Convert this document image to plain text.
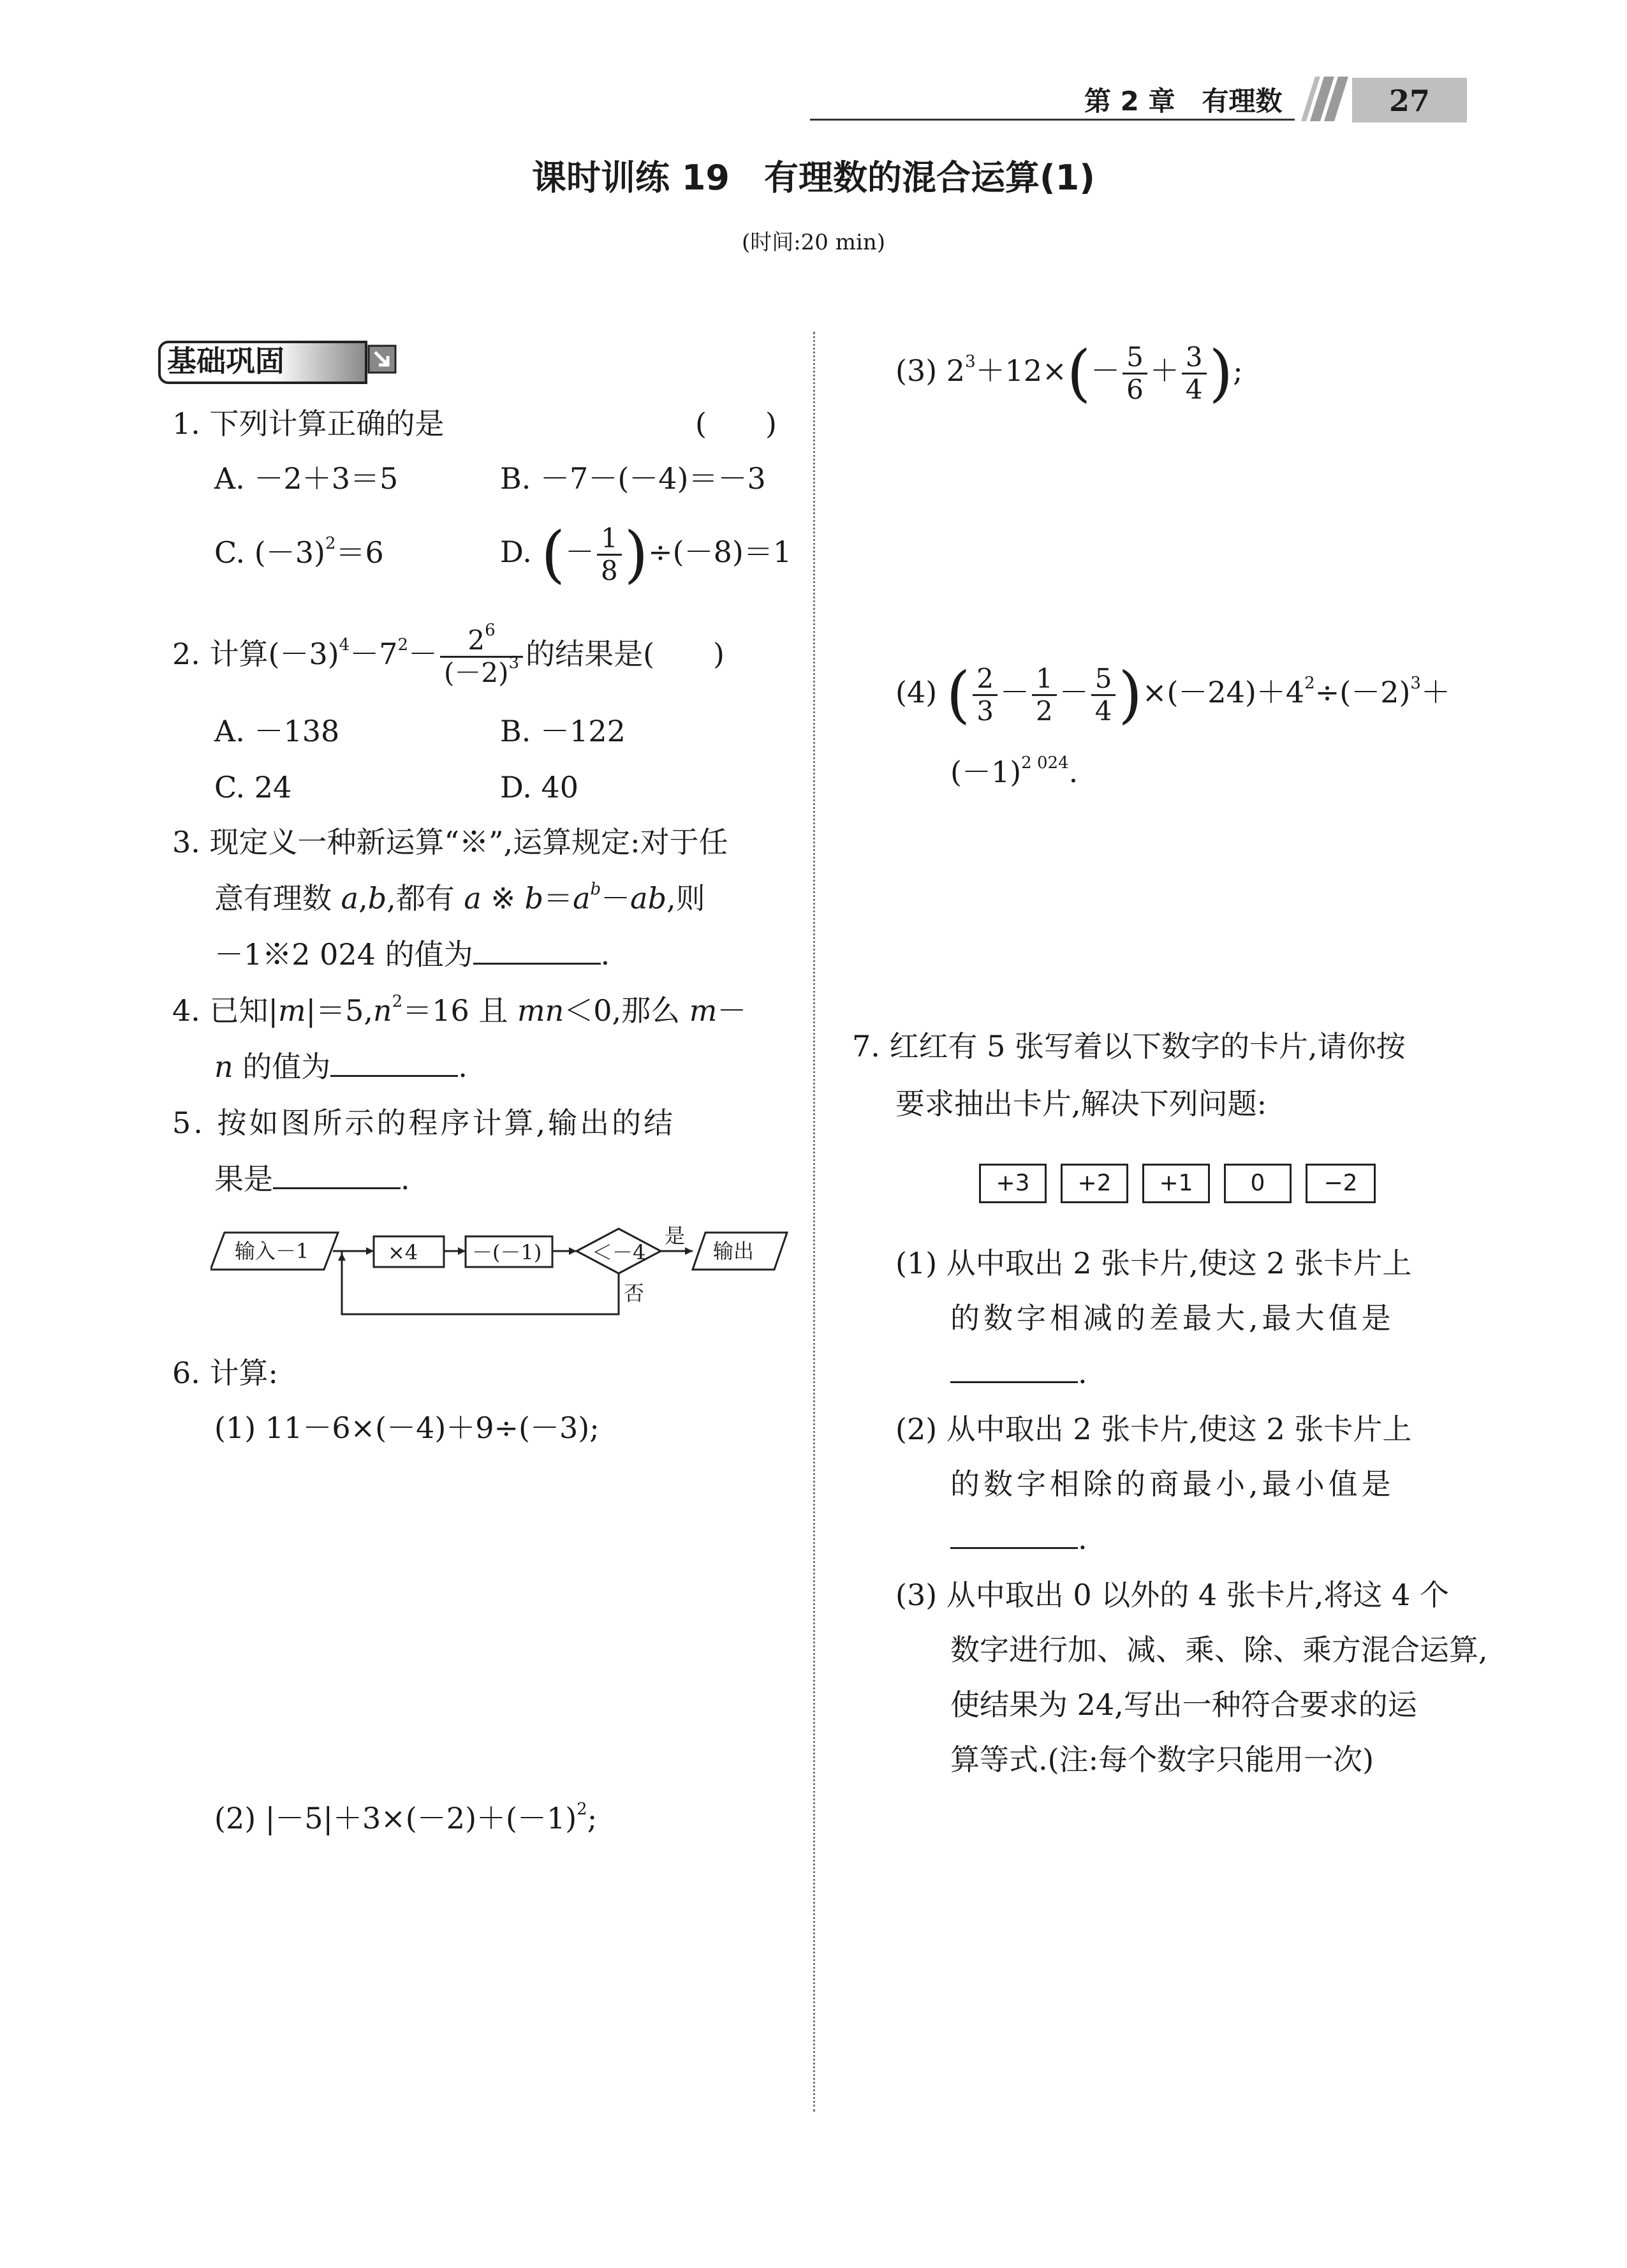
第 2 章　有理数	27
课时训练 19　有理数的混合运算(1)
(时间:20 min)
基础巩固
1. 下列计算正确的是	(　　)
A. －2＋3＝5	B. －7－(－4)＝－3
C. $(-3)^2=6$	D. (－ $\frac{1}{8} )\div(-8)=1$
2. 计算$(-3)^4-7^2- \frac{2^6}{(-2)^3}$ 的结果是(　　)
A. －138	B. －122
C. 24	D. 40
3. 现定义一种新运算“※”,运算规定:对于任
意有理数 a,b,都有 a ※ $b=a^b-ab$,则
－1※2 024 的值为	.
4. 已知$|m|=5,n^2=16$ 且 mn＜0,那么 m－
n 的值为	.
5. 按如图所示的程序计算,输出的结
果是	.
输入－1	×4	－(－1) ＜－4
是
否
输出
6. 计算:
(1) 11－6×(－4)＋9÷(－3);
(2) $|-5|+3\times(-2)+(-1)^2$;
(3) $2^3+12\times(- \frac{5}{6} + \frac{3}{4}$ );
(4) ( $\frac{2}{3} - \frac{1}{2} - \frac{5}{4} )\times(-24)+4^2\div(-2)^3+$
$(-1)^{2 024}$.
7. 红红有 5 张写着以下数字的卡片,请你按
要求抽出卡片,解决下列问题:
+3	+2	+1	0	−2
(1) 从中取出 2 张卡片,使这 2 张卡片上
的数字相减的差最大,最大值是
.
(2) 从中取出 2 张卡片,使这 2 张卡片上
的数字相除的商最小,最小值是
.
(3) 从中取出 0 以外的 4 张卡片,将这 4 个
数字进行加、减、乘、除、乘方混合运算,
使结果为 24,写出一种符合要求的运
算等式.(注:每个数字只能用一次)
